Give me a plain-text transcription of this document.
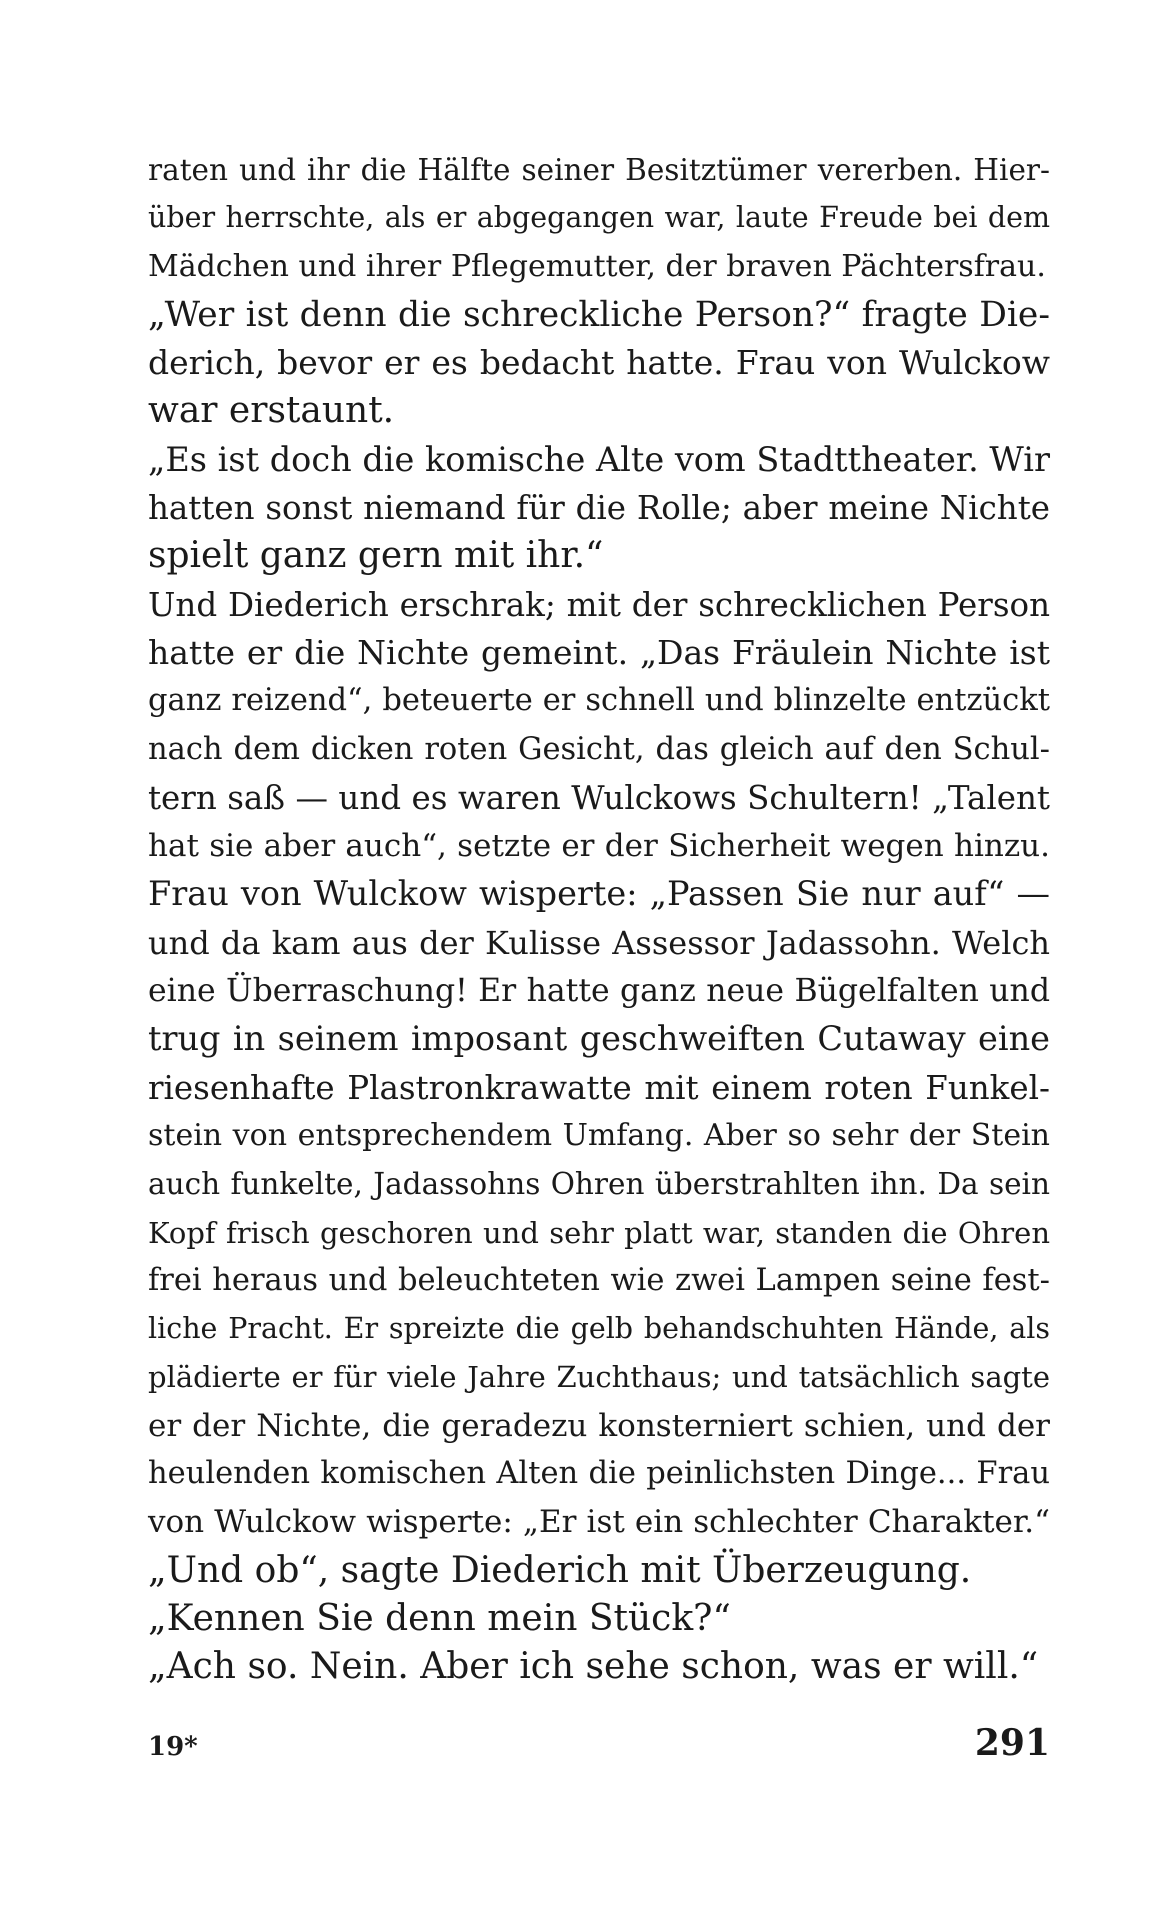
raten und ihr die Hälfte seiner Besitztümer vererben. Hier-
über herrschte, als er abgegangen war, laute Freude bei dem
Mädchen und ihrer Pflegemutter, der braven Pächtersfrau.
„Wer ist denn die schreckliche Person?“ fragte Die-
derich, bevor er es bedacht hatte. Frau von Wulckow
war erstaunt.
„Es ist doch die komische Alte vom Stadttheater. Wir
hatten sonst niemand für die Rolle; aber meine Nichte
spielt ganz gern mit ihr.“
Und Diederich erschrak; mit der schrecklichen Person
hatte er die Nichte gemeint. „Das Fräulein Nichte ist
ganz reizend“, beteuerte er schnell und blinzelte entzückt
nach dem dicken roten Gesicht, das gleich auf den Schul-
tern saß — und es waren Wulckows Schultern! „Talent
hat sie aber auch“, setzte er der Sicherheit wegen hinzu.
Frau von Wulckow wisperte: „Passen Sie nur auf“ —
und da kam aus der Kulisse Assessor Jadassohn. Welch
eine Überraschung! Er hatte ganz neue Bügelfalten und
trug in seinem imposant geschweiften Cutaway eine
riesenhafte Plastronkrawatte mit einem roten Funkel-
stein von entsprechendem Umfang. Aber so sehr der Stein
auch funkelte, Jadassohns Ohren überstrahlten ihn. Da sein
Kopf frisch geschoren und sehr platt war, standen die Ohren
frei heraus und beleuchteten wie zwei Lampen seine fest-
liche Pracht. Er spreizte die gelb behandschuhten Hände, als
plädierte er für viele Jahre Zuchthaus; und tatsächlich sagte
er der Nichte, die geradezu konsterniert schien, und der
heulenden komischen Alten die peinlichsten Dinge... Frau
von Wulckow wisperte: „Er ist ein schlechter Charakter.“
„Und ob“, sagte Diederich mit Überzeugung.
„Kennen Sie denn mein Stück?“
„Ach so. Nein. Aber ich sehe schon, was er will.“
19*	291
